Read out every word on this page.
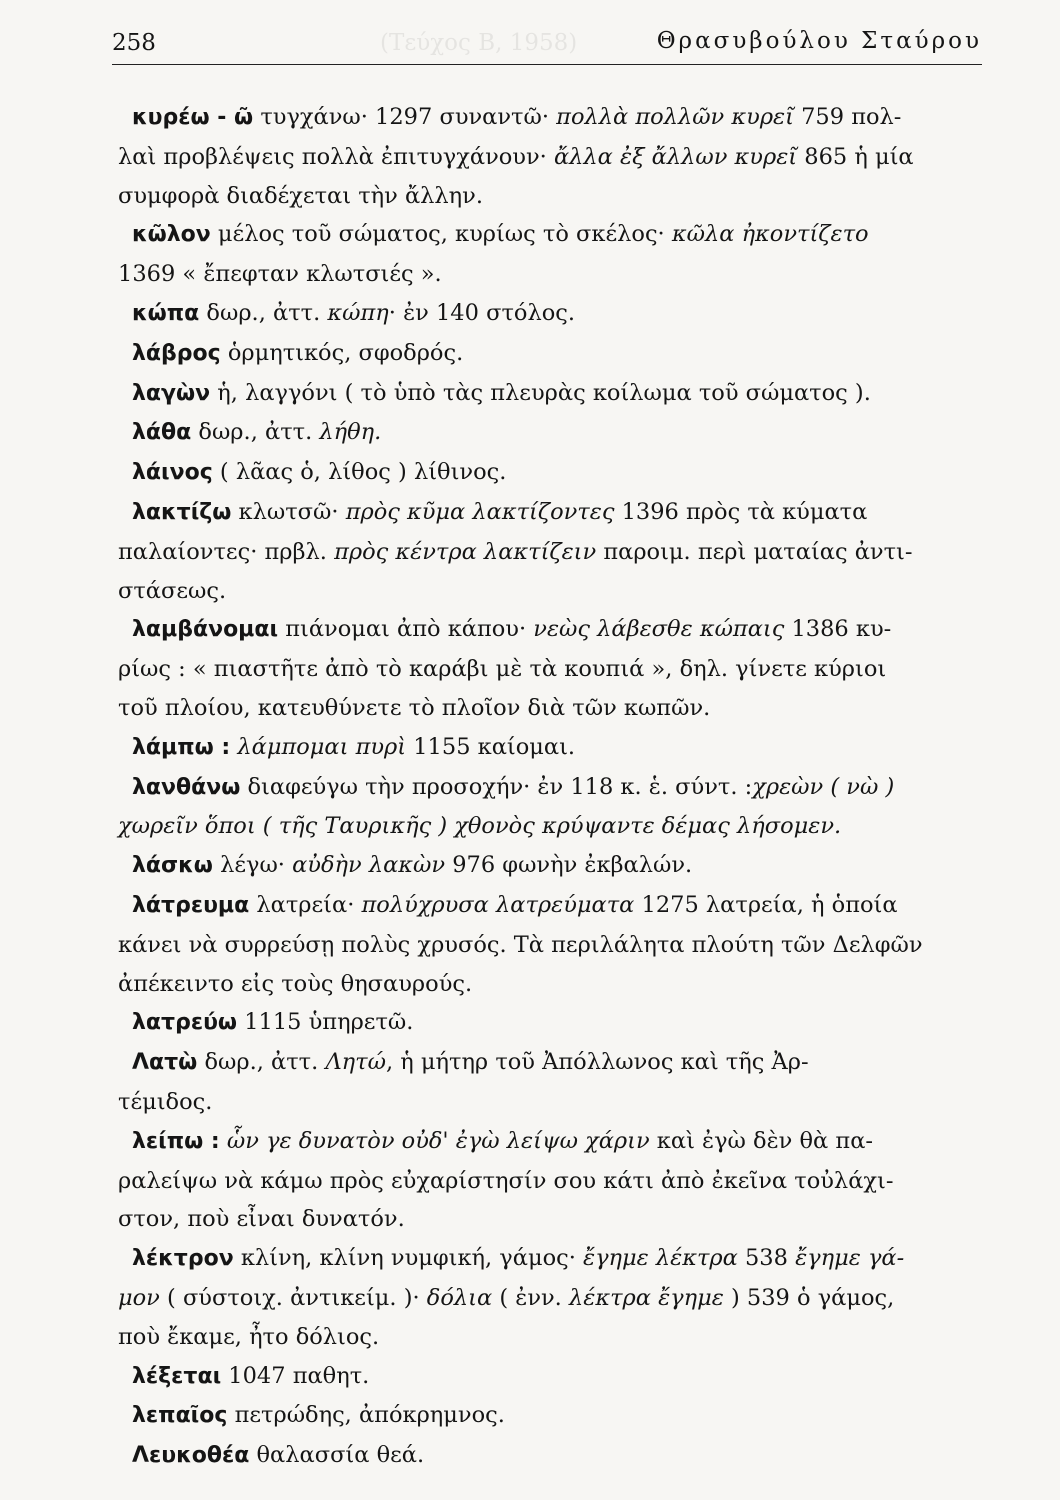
258	(Τεύχος Β, 1958)	Θρασυβούλου Σταύρου

κυρέω - ῶ τυγχάνω· 1297 συναντῶ· πολλὰ πολλῶν κυρεῖ 759 πολ-
λαὶ προβλέψεις πολλὰ ἐπιτυγχάνουν· ἄλλα ἐξ ἄλλων κυρεῖ 865 ἡ μία
συμφορὰ διαδέχεται τὴν ἄλλην.

κῶλον μέλος τοῦ σώματος, κυρίως τὸ σκέλος· κῶλα ἠκοντίζετο
1369 « ἔπεφταν κλωτσιές ».

κώπα δωρ., ἀττ. κώπη· ἐν 140 στόλος.

λάβρος ὁρμητικός, σφοδρός.

λαγὼν ἡ, λαγγόνι ( τὸ ὑπὸ τὰς πλευρὰς κοίλωμα τοῦ σώματος ).

λάθα δωρ., ἀττ. λήθη.

λάινος ( λᾶας ὁ, λίθος ) λίθινος.

λακτίζω κλωτσῶ· πρὸς κῦμα λακτίζοντες 1396 πρὸς τὰ κύματα
παλαίοντες· πρβλ. πρὸς κέντρα λακτίζειν παροιμ. περὶ ματαίας ἀντι-
στάσεως.

λαμβάνομαι πιάνομαι ἀπὸ κάπου· νεὼς λάβεσθε κώπαις 1386 κυ-
ρίως : « πιαστῆτε ἀπὸ τὸ καράβι μὲ τὰ κουπιά », δηλ. γίνετε κύριοι
τοῦ πλοίου, κατευθύνετε τὸ πλοῖον διὰ τῶν κωπῶν.

λάμπω : λάμπομαι πυρὶ 1155 καίομαι.

λανθάνω διαφεύγω τὴν προσοχήν· ἐν 118 κ. ἑ. σύντ. :χρεὼν ( νὼ )
χωρεῖν ὅποι ( τῆς Ταυρικῆς ) χθονὸς κρύψαντε δέμας λήσομεν.

λάσκω λέγω· αὐδὴν λακὼν 976 φωνὴν ἐκβαλών.

λάτρευμα λατρεία· πολύχρυσα λατρεύματα 1275 λατρεία, ἡ ὁποία
κάνει νὰ συρρεύσῃ πολὺς χρυσός. Τὰ περιλάλητα πλούτη τῶν Δελφῶν
ἀπέκειντο εἰς τοὺς θησαυρούς.

λατρεύω 1115 ὑπηρετῶ.

Λατὼ δωρ., ἀττ. Λητώ, ἡ μήτηρ τοῦ Ἀπόλλωνος καὶ τῆς Ἀρ-
τέμιδος.

λείπω : ὧν γε δυνατὸν οὐδ' ἐγὼ λείψω χάριν καὶ ἐγὼ δὲν θὰ πα-
ραλείψω νὰ κάμω πρὸς εὐχαρίστησίν σου κάτι ἀπὸ ἐκεῖνα τοὐλάχι-
στον, ποὺ εἶναι δυνατόν.

λέκτρον κλίνη, κλίνη νυμφική, γάμος· ἔγημε λέκτρα 538 ἔγημε γά-
μον ( σύστοιχ. ἀντικείμ. )· δόλια ( ἐνν. λέκτρα ἔγημε ) 539 ὁ γάμος,
ποὺ ἔκαμε, ἦτο δόλιος.

λέξεται 1047 παθητ.

λεπαῖος πετρώδης, ἀπόκρημνος.

Λευκοθέα θαλασσία θεά.
